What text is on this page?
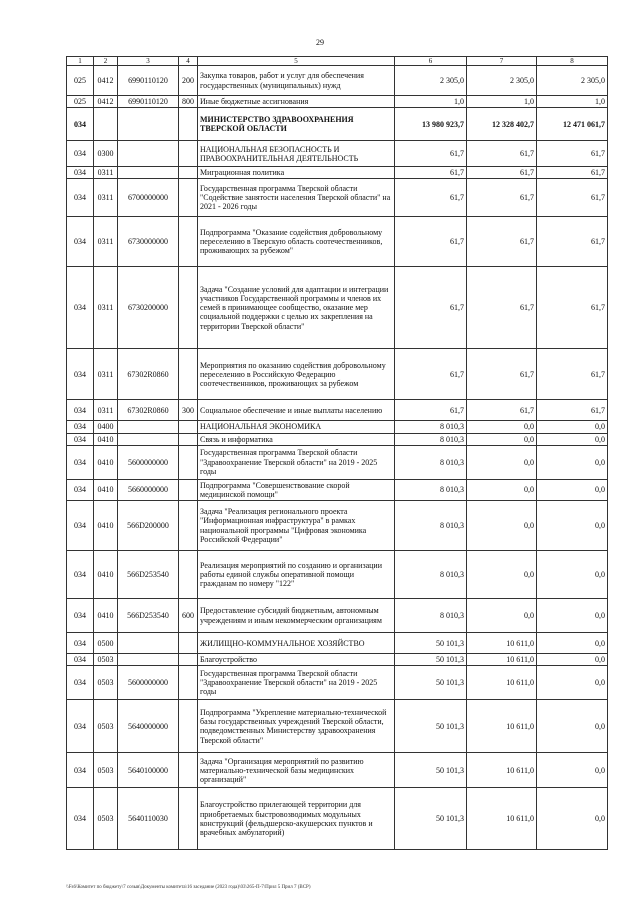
29
1	2	3	4	5	6	7	8
025	0412	6990110120	200	Закупка товаров, работ и услуг для обеспечения государственных (муниципальных) нужд	2 305,0	2 305,0	2 305,0
025	0412	6990110120	800	Иные бюджетные ассигнования	1,0	1,0	1,0
034				МИНИСТЕРСТВО ЗДРАВООХРАНЕНИЯ ТВЕРСКОЙ ОБЛАСТИ	13 980 923,7	12 328 402,7	12 471 061,7
034	0300			НАЦИОНАЛЬНАЯ БЕЗОПАСНОСТЬ И ПРАВООХРАНИТЕЛЬНАЯ ДЕЯТЕЛЬНОСТЬ	61,7	61,7	61,7
034	0311			Миграционная политика	61,7	61,7	61,7
034	0311	6700000000		Государственная программа Тверской области "Содействие занятости населения Тверской области" на 2021 - 2026 годы	61,7	61,7	61,7
034	0311	6730000000		Подпрограмма "Оказание содействия добровольному переселению в Тверскую область соотечественников, проживающих за рубежом"	61,7	61,7	61,7
034	0311	6730200000		Задача "Создание условий для адаптации и интеграции участников Государственной программы и членов их семей в принимающее сообщество, оказание мер социальной поддержки с целью их закрепления на территории Тверской области"	61,7	61,7	61,7
034	0311	67302R0860		Мероприятия по оказанию содействия добровольному переселению в Российскую Федерацию соотечественников, проживающих за рубежом	61,7	61,7	61,7
034	0311	67302R0860	300	Социальное обеспечение и иные выплаты населению	61,7	61,7	61,7
034	0400			НАЦИОНАЛЬНАЯ ЭКОНОМИКА	8 010,3	0,0	0,0
034	0410			Связь и информатика	8 010,3	0,0	0,0
034	0410	5600000000		Государственная программа Тверской области "Здравоохранение Тверской области" на 2019 - 2025 годы	8 010,3	0,0	0,0
034	0410	5660000000		Подпрограмма "Совершенствование скорой медицинской помощи"	8 010,3	0,0	0,0
034	0410	566D200000		Задача "Реализация регионального проекта "Информационная инфраструктура" в рамках национальной программы "Цифровая экономика Российской Федерации"	8 010,3	0,0	0,0
034	0410	566D253540		Реализация мероприятий по созданию и организации работы единой службы оперативной помощи гражданам по номеру "122"	8 010,3	0,0	0,0
034	0410	566D253540	600	Предоставление субсидий бюджетным, автономным учреждениям и иным некоммерческим организациям	8 010,3	0,0	0,0
034	0500			ЖИЛИЩНО-КОММУНАЛЬНОЕ ХОЗЯЙСТВО	50 101,3	10 611,0	0,0
034	0503			Благоустройство	50 101,3	10 611,0	0,0
034	0503	5600000000		Государственная программа Тверской области "Здравоохранение Тверской области" на 2019 - 2025 годы	50 101,3	10 611,0	0,0
034	0503	5640000000		Подпрограмма "Укрепление материально-технической базы государственных учреждений Тверской области, подведомственных Министерству здравоохранения Тверской области"	50 101,3	10 611,0	0,0
034	0503	5640100000		Задача "Организация мероприятий по развитию материально-технической базы медицинских организаций"	50 101,3	10 611,0	0,0
034	0503	5640110030		Благоустройство прилегающей территории для приобретаемых быстровозводимых модульных конструкций (фельдшерско-акушерских пунктов и врачебных амбулаторий)	50 101,3	10 611,0	0,0
\\Fs6\Комитет по бюджету\7 созыв\Документы комитета\16 заседание (2023 года)\03\265-П-7\Прил 5 Прил 7 (ВСР)
